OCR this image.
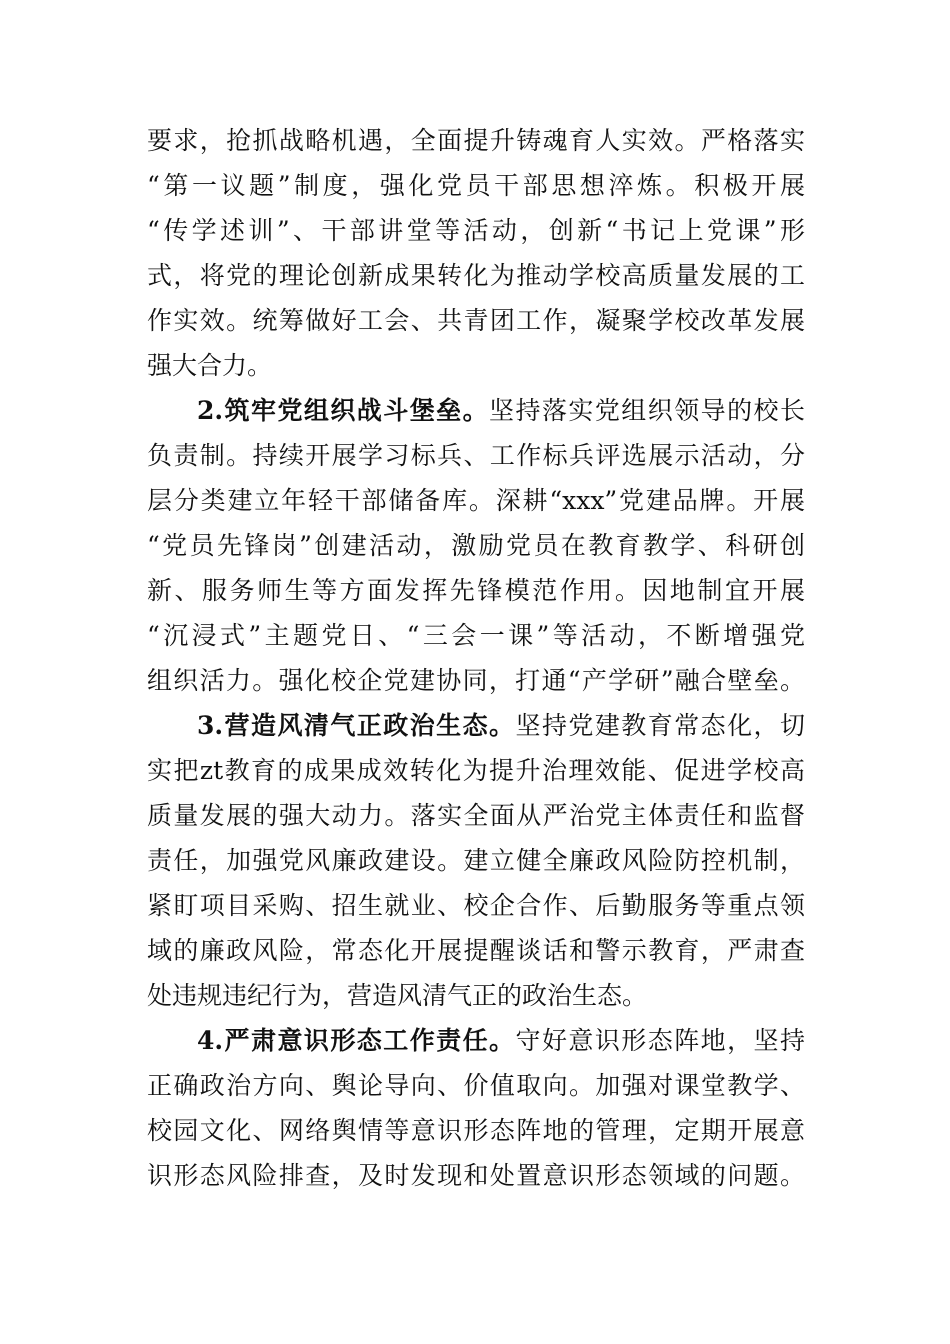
要求，抢抓战略机遇，全面提升铸魂育人实效。严格落实
“第一议题”制度，强化党员干部思想淬炼。积极开展
“传学述训”、干部讲堂等活动，创新“书记上党课”形
式，将党的理论创新成果转化为推动学校高质量发展的工
作实效。统筹做好工会、共青团工作，凝聚学校改革发展
强大合力。
2.筑牢党组织战斗堡垒。坚持落实党组织领导的校长
负责制。持续开展学习标兵、工作标兵评选展示活动，分
层分类建立年轻干部储备库。深耕“xxx”党建品牌。开展
“党员先锋岗”创建活动，激励党员在教育教学、科研创
新、服务师生等方面发挥先锋模范作用。因地制宜开展
“沉浸式”主题党日、“三会一课”等活动，不断增强党
组织活力。强化校企党建协同，打通“产学研”融合壁垒。
3.营造风清气正政治生态。坚持党建教育常态化，切
实把zt教育的成果成效转化为提升治理效能、促进学校高
质量发展的强大动力。落实全面从严治党主体责任和监督
责任，加强党风廉政建设。建立健全廉政风险防控机制，
紧盯项目采购、招生就业、校企合作、后勤服务等重点领
域的廉政风险，常态化开展提醒谈话和警示教育，严肃查
处违规违纪行为，营造风清气正的政治生态。
4.严肃意识形态工作责任。守好意识形态阵地，坚持
正确政治方向、舆论导向、价值取向。加强对课堂教学、
校园文化、网络舆情等意识形态阵地的管理，定期开展意
识形态风险排查，及时发现和处置意识形态领域的问题。
